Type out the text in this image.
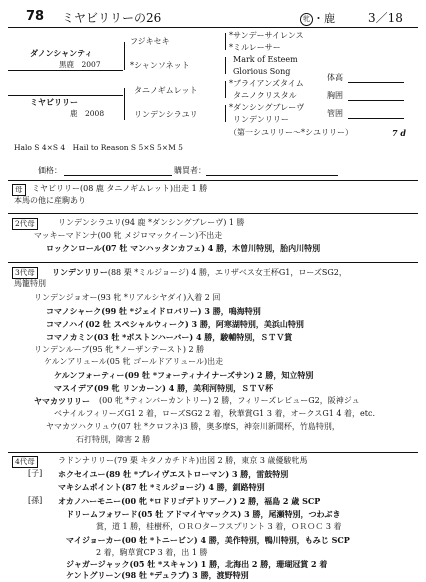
78 ミヤビリリーの26	牝 ・鹿	3／18
ダノンシャンティ
黒鹿　2007
フジキセキ
*シャンソネット
*サンデーサイレンス
*ミルレーサー
Mark of Esteem
Glorious Song
ミヤビリリー
鹿　2008
タニノギムレット
リンデンシラユリ
*ブライアンズタイム
タニノクリスタル
*ダンシングブレーヴ
リンデンリリー
（第一シユリリー～*シユリリー）	7 d
体高
胸囲
管囲
Halo S 4×S 4　Hail to Reason S 5×S 5×M 5
価格：	購買者：
母	ミヤビリリー(08 鹿 タニノギムレット)出走 1 勝
本馬の他に産駒あり
2代母	リンデンシラユリ(94 鹿 *ダンシングブレーヴ) 1 勝
マッキーマドンナ(00 牝 メジロマックイーン)不出走
ロックンロール(07 牡 マンハッタンカフェ) 4 勝，木曽川特別，胎内川特別
3代母	リンデンリリー(88 栗 *ミルジョージ) 4 勝，エリザベス女王杯G1，ローズSG2，
馬籠特別
リンデンジョオー(93 牝 *リアルシヤダイ)入着 2 回
コマノシャーク(99 牡 *ジェイドロバリー) 3 勝，鳴海特別
コマノハイ(02 牡 スペシャルウィーク) 3 勝，阿寒湖特別，美浜山特別
コマノカミン(03 牡 *ボストンハーバー) 4 勝，駿輔特別，ＳＴＶ賞
リンデンルーブ(95 牝 *ノーザンテースト) 2 勝
ケルンアリュール(05 牝 ゴールドアリュール)出走
ケルンフォーティー(09 牡 *フォーティナイナーズサン) 2 勝，知立特別
マスイデア(09 牝 リンカーン) 4 勝，美利河特別，ＳＴＶ杯
ヤマカツリリー (00 牝 *ティンバーカントリー) 2 勝，フィリーズレビューG2，阪神ジュ
ベナイルフィリーズG1 2 着，ローズSG2 2 着，秋華賞G1 3 着，オークスG1 4 着，etc.
ヤマカツハクリュウ(07 牡 *クロフネ)3 勝，奥多摩S，神奈川新聞杯，竹島特別，
石打特別，障害 2 勝
4代母	ラドンナリリー(79 栗 キタノカチドキ)出図 2 勝，東京 3 歳優駿牝馬
[子] ホクセイユー(89 牡 *ブレイヴエストローマン) 3 勝，雷鼓特別
マキシムポイント(87 牡 *ミルジョージ) 4 勝，釧路特別
[孫] オカノハーモニー(00 牝 *ロドリゴデトリアーノ) 2 勝，福島 2 歳 SCP
ドリームフォワード(05 牡 アドマイヤマックス) 3 勝，尾瀬特別，つわぶき
賞，道 1 勝，桂樹杯，ＯＲＯターフスプリント 3 着，ＯＲＯＣ 3 着
マイジョーカー(00 牡 *トニービン) 4 勝，美作特別，鴨川特別，もみじ SCP
2 着，駒草賞CP 3 着，出 1 勝
ジャガージャック(05 牡 *スキャン) 1 勝，北海出 2 勝，珊瑚冠賞 2 着
ケントグリーン(98 牡 *デュラブ) 3 勝，渡野特別
